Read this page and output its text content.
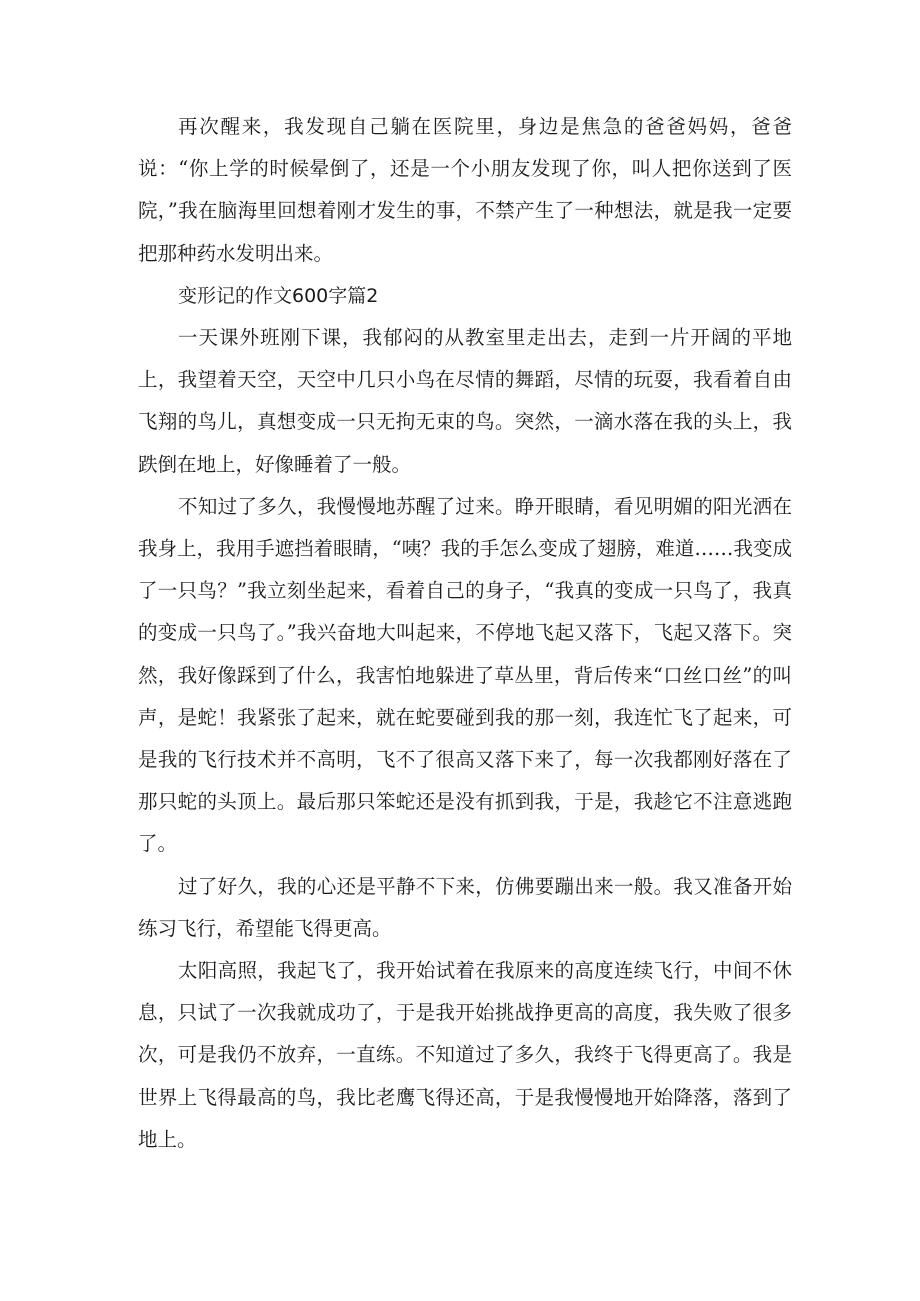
再次醒来，我发现自己躺在医院里，身边是焦急的爸爸妈妈，爸爸说：“你上学的时候晕倒了，还是一个小朋友发现了你，叫人把你送到了医院，”我在脑海里回想着刚才发生的事，不禁产生了一种想法，就是我一定要把那种药水发明出来。

变形记的作文600字篇2

一天课外班刚下课，我郁闷的从教室里走出去，走到一片开阔的平地上，我望着天空，天空中几只小鸟在尽情的舞蹈，尽情的玩耍，我看着自由飞翔的鸟儿，真想变成一只无拘无束的鸟。突然，一滴水落在我的头上，我跌倒在地上，好像睡着了一般。

不知过了多久，我慢慢地苏醒了过来。睁开眼睛，看见明媚的阳光洒在我身上，我用手遮挡着眼睛，“咦？我的手怎么变成了翅膀，难道……我变成了一只鸟？”我立刻坐起来，看着自己的身子，“我真的变成一只鸟了，我真的变成一只鸟了。”我兴奋地大叫起来，不停地飞起又落下，飞起又落下。突然，我好像踩到了什么，我害怕地躲进了草丛里，背后传来“口丝口丝”的叫声，是蛇！我紧张了起来，就在蛇要碰到我的那一刻，我连忙飞了起来，可是我的飞行技术并不高明，飞不了很高又落下来了，每一次我都刚好落在了那只蛇的头顶上。最后那只笨蛇还是没有抓到我，于是，我趁它不注意逃跑了。

过了好久，我的心还是平静不下来，仿佛要蹦出来一般。我又准备开始练习飞行，希望能飞得更高。

太阳高照，我起飞了，我开始试着在我原来的高度连续飞行，中间不休息，只试了一次我就成功了，于是我开始挑战挣更高的高度，我失败了很多次，可是我仍不放弃，一直练。不知道过了多久，我终于飞得更高了。我是世界上飞得最高的鸟，我比老鹰飞得还高，于是我慢慢地开始降落，落到了地上。
